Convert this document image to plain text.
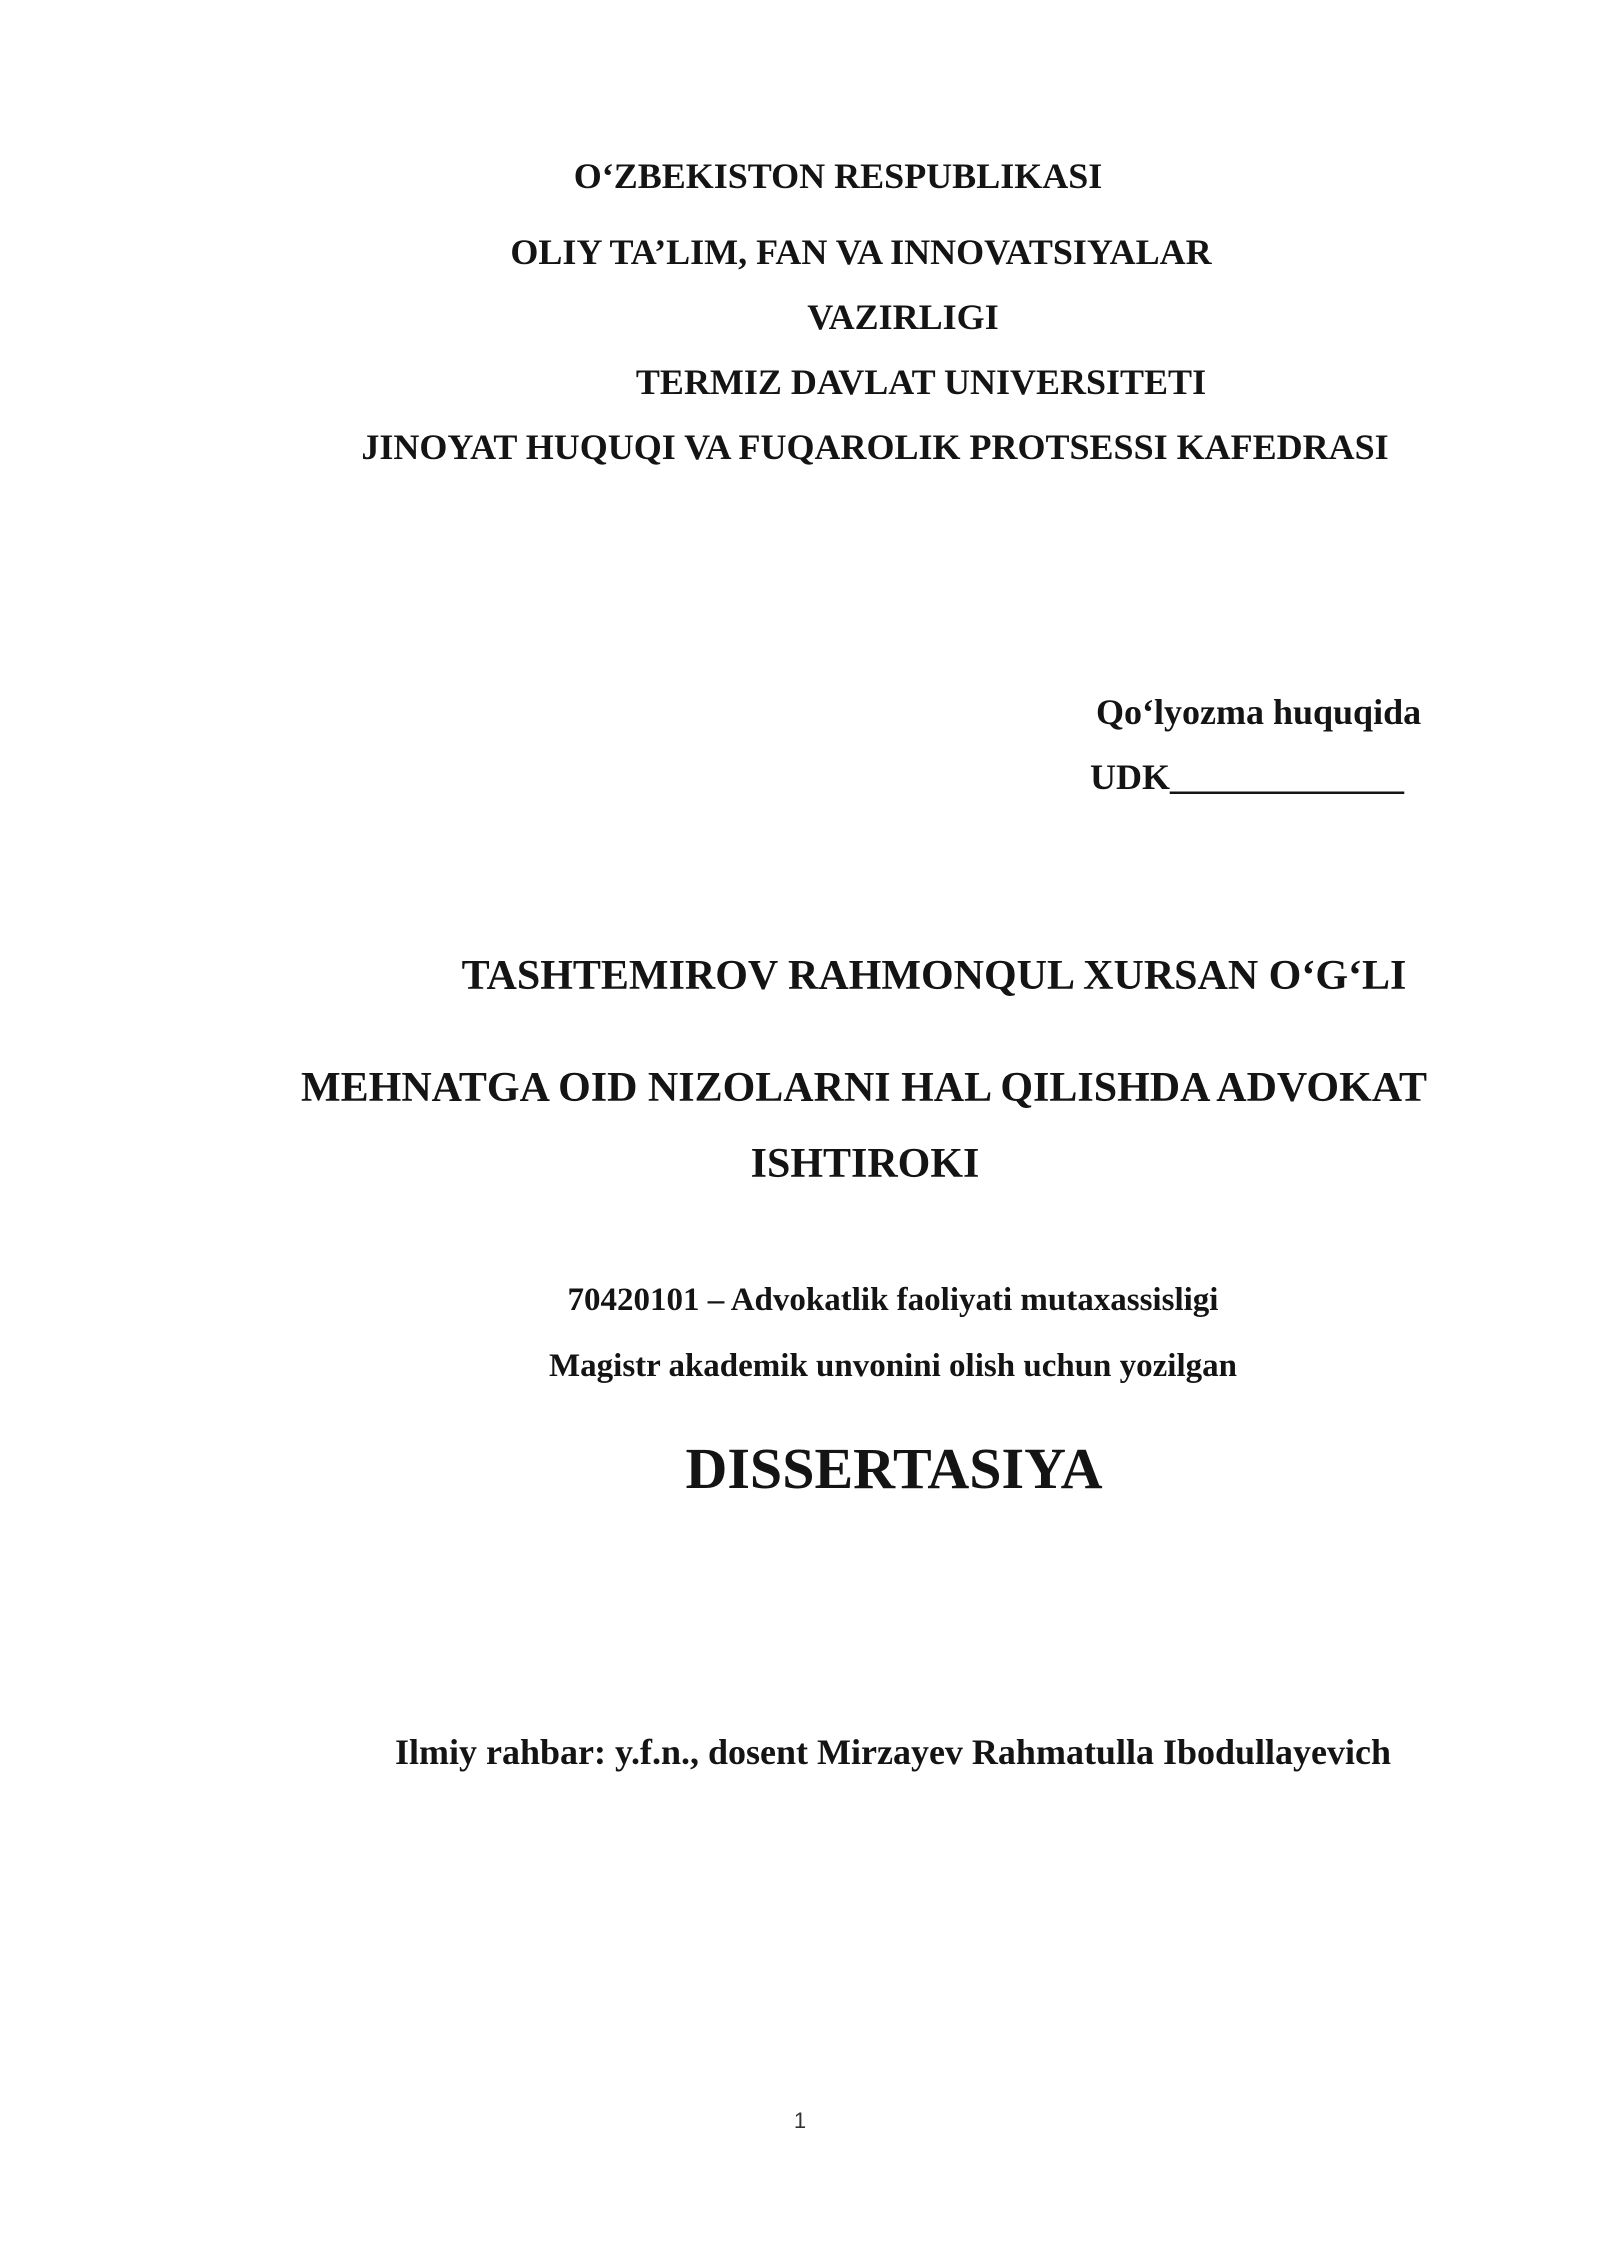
O‘ZBEKISTON RESPUBLIKASI
OLIY TA’LIM, FAN VA INNOVATSIYALAR
VAZIRLIGI
TERMIZ DAVLAT UNIVERSITETI
JINOYAT HUQUQI VA FUQAROLIK PROTSESSI KAFEDRASI
Qo‘lyozma huquqida
UDK_____________
TASHTEMIROV RAHMONQUL XURSAN O‘G‘LI
MEHNATGA OID NIZOLARNI HAL QILISHDA ADVOKAT
ISHTIROKI
70420101 – Advokatlik faoliyati mutaxassisligi
Magistr akademik unvonini olish uchun yozilgan
DISSERTASIYA
Ilmiy rahbar: y.f.n., dosent Mirzayev Rahmatulla Ibodullayevich
1
